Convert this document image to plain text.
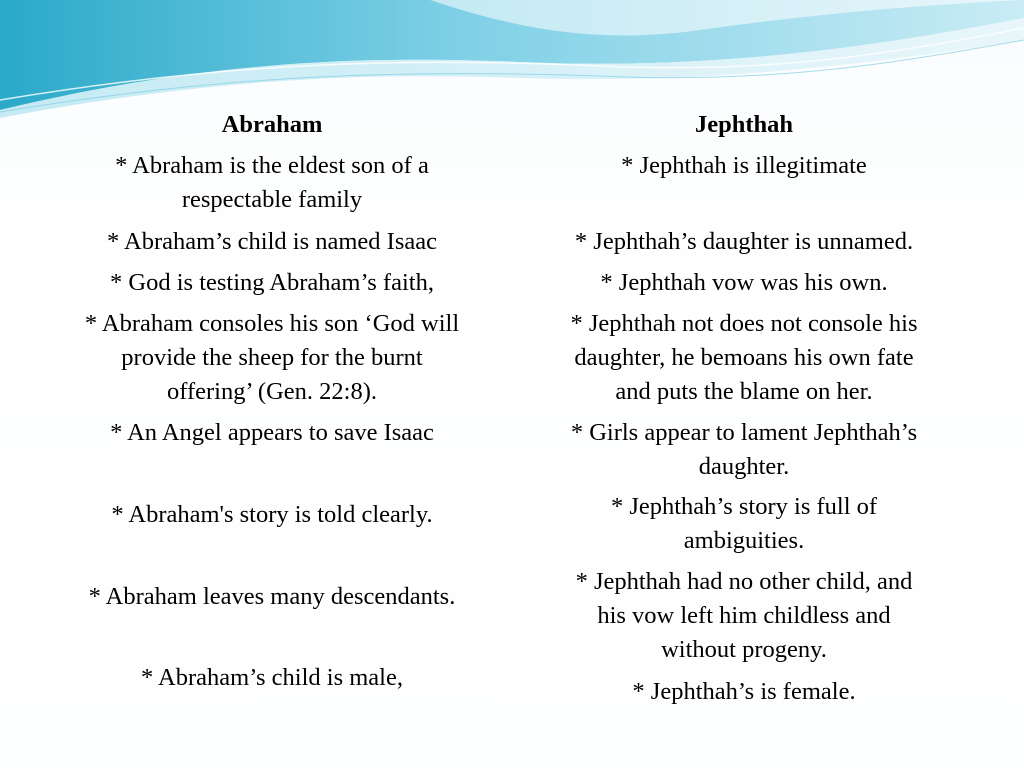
Abraham	Jephthah
* Abraham is the eldest son of a
respectable family
* Abraham’s child is named Isaac
* God is testing Abraham’s faith,
* Abraham consoles his son ‘God will
provide the sheep for the burnt
offering’ (Gen. 22:8).
* An Angel appears to save Isaac
* Abraham's story is told clearly.
* Abraham leaves many descendants.
* Abraham’s child is male,
* Jephthah is illegitimate
* Jephthah’s daughter is unnamed.
* Jephthah vow was his own.
* Jephthah not does not console his
daughter, he bemoans his own fate
and puts the blame on her.
* Girls appear to lament Jephthah’s
daughter.
* Jephthah’s story is full of
ambiguities.
* Jephthah had no other child, and
his vow left him childless and
without progeny.
* Jephthah’s is female.
